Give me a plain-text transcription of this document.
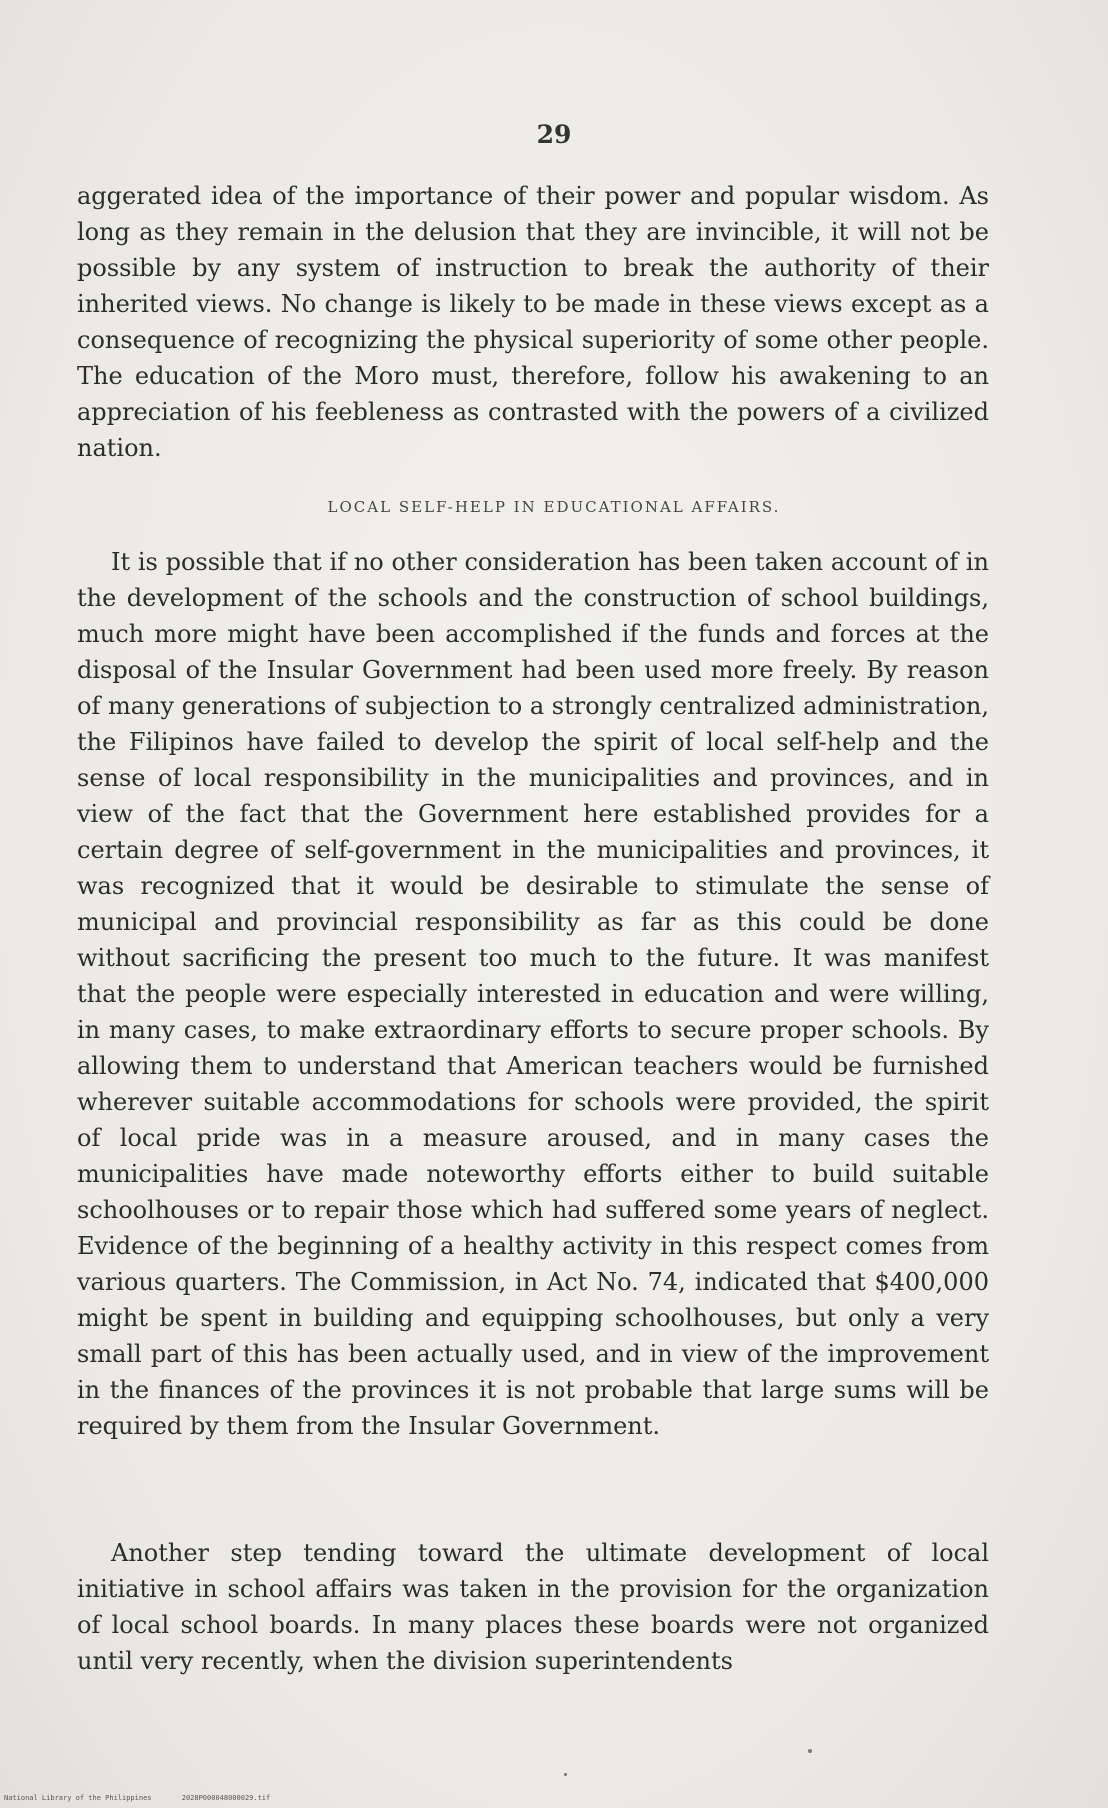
29

aggerated idea of the importance of their power and popular wisdom. As long as they remain in the delusion that they are invincible, it will not be possible by any system of instruction to break the authority of their inherited views. No change is likely to be made in these views except as a consequence of recognizing the physical superiority of some other people. The education of the Moro must, therefore, follow his awakening to an appreciation of his feebleness as contrasted with the powers of a civilized nation.

LOCAL SELF-HELP IN EDUCATIONAL AFFAIRS.

It is possible that if no other consideration has been taken account of in the development of the schools and the construction of school buildings, much more might have been accomplished if the funds and forces at the disposal of the Insular Government had been used more freely. By reason of many generations of subjection to a strongly centralized administration, the Filipinos have failed to develop the spirit of local self-help and the sense of local responsibility in the municipalities and provinces, and in view of the fact that the Government here established provides for a certain degree of self-government in the municipalities and provinces, it was recognized that it would be desirable to stimulate the sense of municipal and provincial responsibility as far as this could be done without sacrificing the present too much to the future. It was manifest that the people were especially interested in education and were willing, in many cases, to make extraordinary efforts to secure proper schools. By allowing them to understand that American teachers would be furnished wherever suitable accommodations for schools were provided, the spirit of local pride was in a measure aroused, and in many cases the municipalities have made noteworthy efforts either to build suitable schoolhouses or to repair those which had suffered some years of neglect. Evidence of the beginning of a healthy activity in this respect comes from various quarters. The Commission, in Act No. 74, indicated that $400,000 might be spent in building and equipping schoolhouses, but only a very small part of this has been actually used, and in view of the improvement in the finances of the provinces it is not probable that large sums will be required by them from the Insular Government.

Another step tending toward the ultimate development of local initiative in school affairs was taken in the provision for the organization of local school boards. In many places these boards were not organized until very recently, when the division superintendents

National Library of the Philippines	2028P000048000029.tif
